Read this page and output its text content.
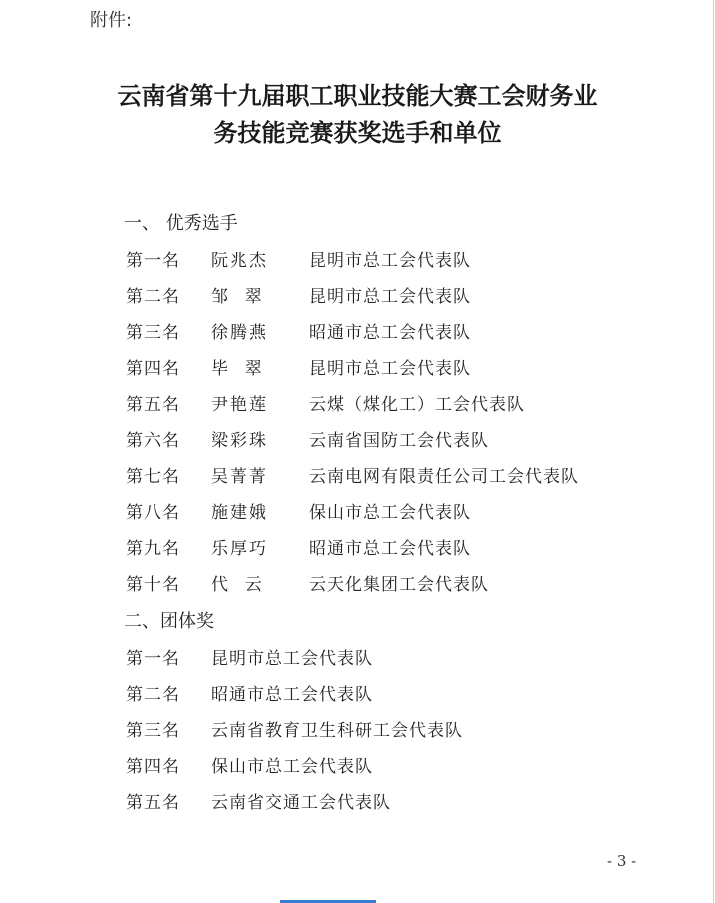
附件:
云南省第十九届职工职业技能大赛工会财务业
务技能竞赛获奖选手和单位
一、 优秀选手
第一名 阮兆杰 昆明市总工会代表队
第二名 邹  翠	昆明市总工会代表队
第三名 徐腾燕 昭通市总工会代表队
第四名 毕  翠	昆明市总工会代表队
第五名 尹艳莲 云煤（煤化工）工会代表队
第六名 梁彩珠 云南省国防工会代表队
第七名 吴菁菁 云南电网有限责任公司工会代表队
第八名 施建娥 保山市总工会代表队
第九名 乐厚巧 昭通市总工会代表队
第十名 代  云	云天化集团工会代表队
二、团体奖
第一名 昆明市总工会代表队
第二名 昭通市总工会代表队
第三名 云南省教育卫生科研工会代表队
第四名 保山市总工会代表队
第五名 云南省交通工会代表队
- 3 -
